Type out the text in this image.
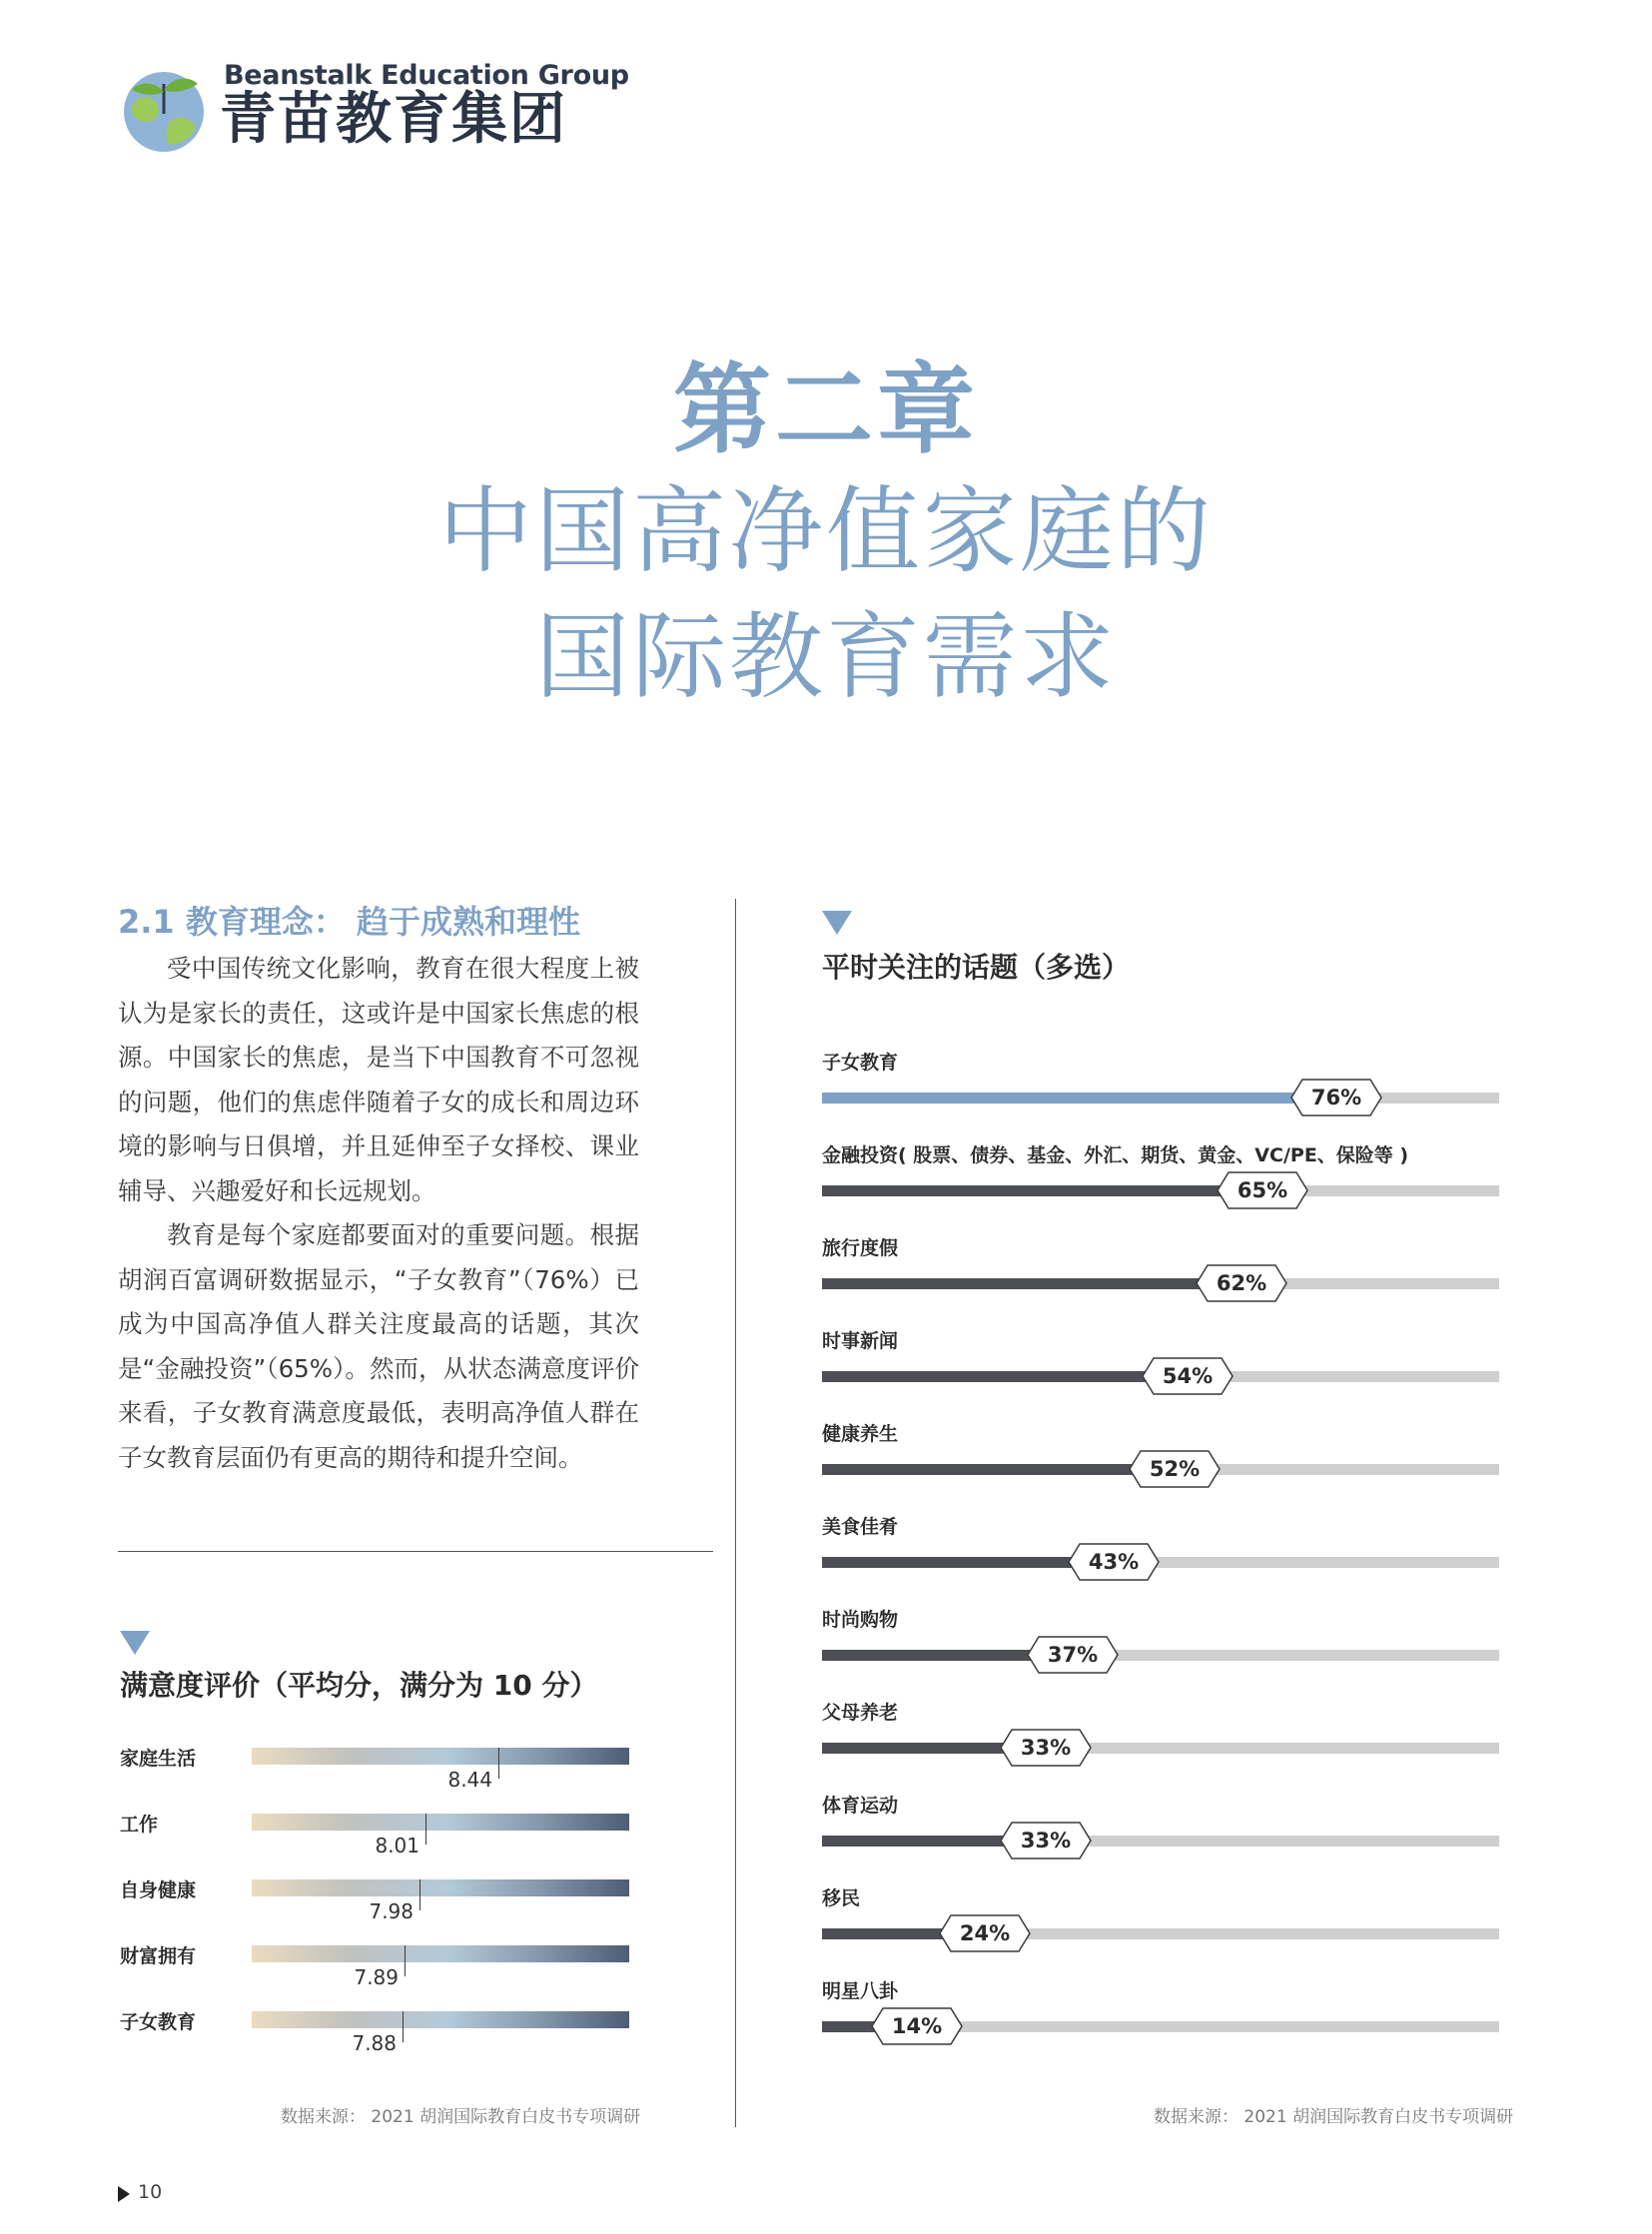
Beanstalk Education Group
青苗教育集团
第二章
中国高净值家庭的
国际教育需求
2.1 教育理念： 趋于成熟和理性

受中国传统文化影响，教育在很大程度上被认为是家长的责任，这或许是中国家长焦虑的根源。中国家长的焦虑，是当下中国教育不可忽视的问题，他们的焦虑伴随着子女的成长和周边环境的影响与日俱增，并且延伸至子女择校、课业辅导、兴趣爱好和长远规划。

教育是每个家庭都要面对的重要问题。根据胡润百富调研数据显示，“子女教育”（76%）已成为中国高净值人群关注度最高的话题，其次是“金融投资”（65%）。然而，从状态满意度评价来看，子女教育满意度最低，表明高净值人群在子女教育层面仍有更高的期待和提升空间。

满意度评价（平均分，满分为 10 分）
家庭生活
8.44
工作
8.01
自身健康
7.98
财富拥有
7.89
子女教育
7.88
数据来源： 2021 胡润国际教育白皮书专项调研
平时关注的话题（多选）
子女教育
76%
金融投资( 股票、债券、基金、外汇、期货、黄金、VC/PE、保险等 )
65%
旅行度假
62%
时事新闻
54%
健康养生
52%
美食佳肴
43%
时尚购物
37%
父母养老
33%
体育运动
33%
移民
24%
明星八卦
14%
数据来源： 2021 胡润国际教育白皮书专项调研
10
